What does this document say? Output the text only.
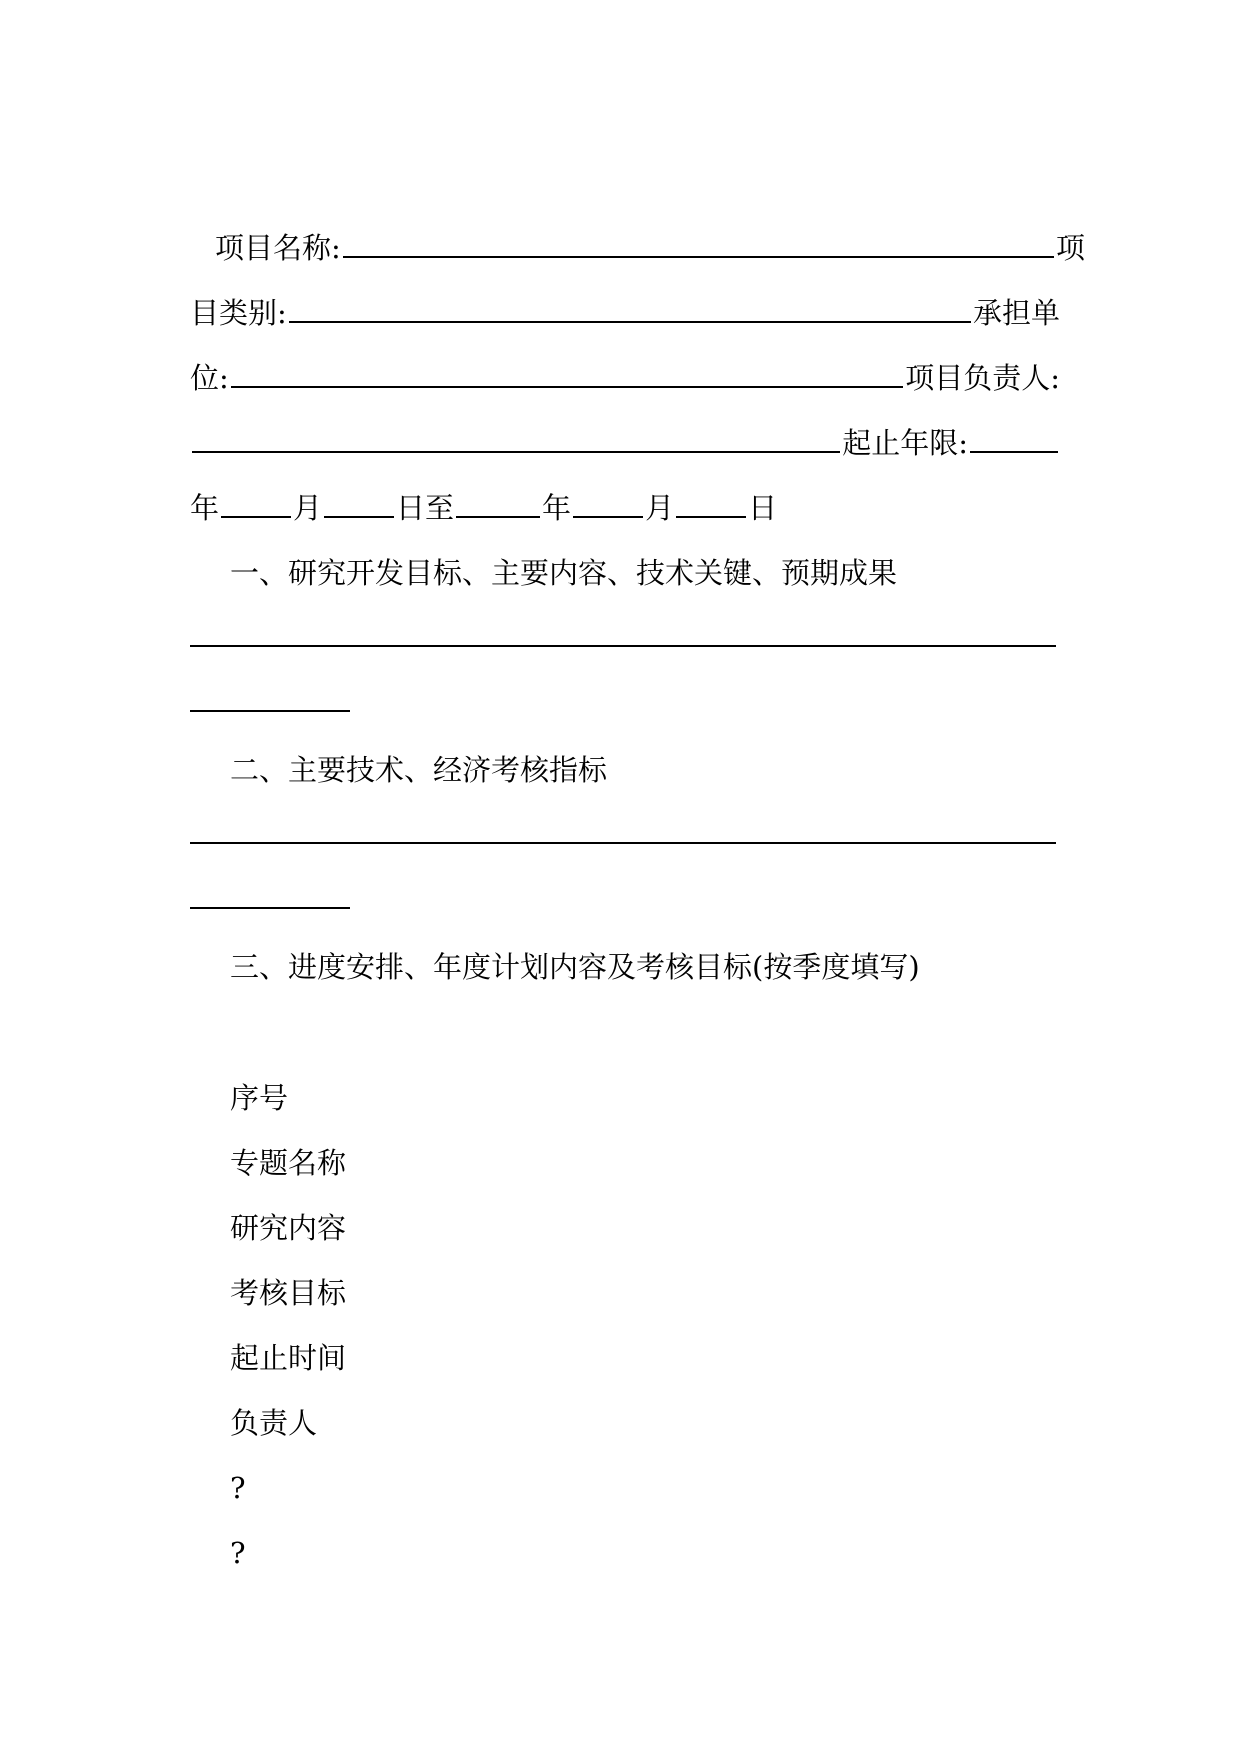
项目名称:	项
目类别:	承担单
位:	项目负责人:
起止年限:
年	月	日至	年	月	日
一、研究开发目标、主要内容、技术关键、预期成果
二、主要技术、经济考核指标
三、进度安排、年度计划内容及考核目标(按季度填写)
序号
专题名称
研究内容
考核目标
起止时间
负责人
?
?
